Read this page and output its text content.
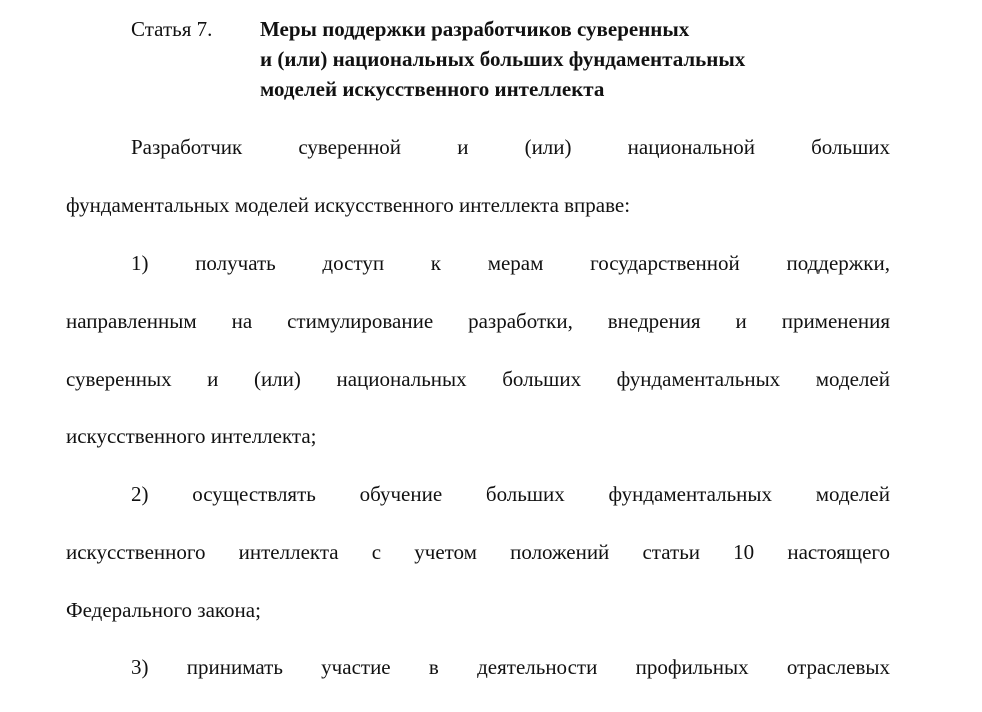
Статья 7. Меры поддержки разработчиков суверенных
и (или) национальных больших фундаментальных
моделей искусственного интеллекта
Разработчик суверенной и (или) национальной больших
фундаментальных моделей искусственного интеллекта вправе:
1) получать доступ к мерам государственной поддержки,
направленным на стимулирование разработки, внедрения и применения
суверенных и (или) национальных больших фундаментальных моделей
искусственного интеллекта;
2) осуществлять обучение больших фундаментальных моделей
искусственного интеллекта с учетом положений статьи 10 настоящего
Федерального закона;
3) принимать участие в деятельности профильных отраслевых
